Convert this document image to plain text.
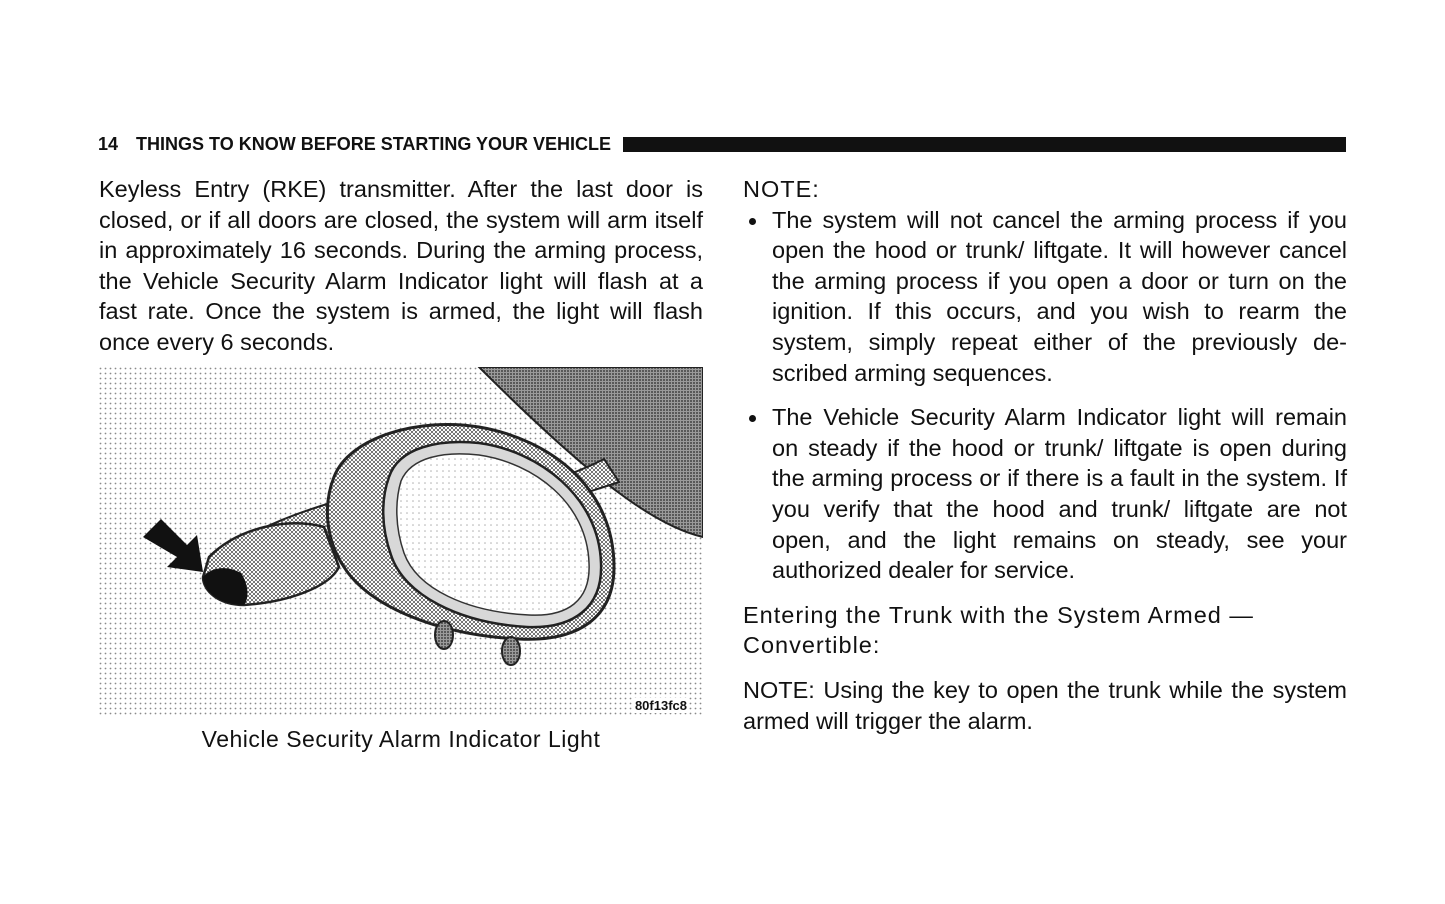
14 THINGS TO KNOW BEFORE STARTING YOUR VEHICLE

Keyless Entry (RKE) transmitter. After the last door is closed, or if all doors are closed, the system will arm itself in approximately 16 seconds. During the arming process, the Vehicle Security Alarm Indicator light will flash at a fast rate. Once the system is armed, the light will flash once every 6 seconds.

80f13fc8
Vehicle Security Alarm Indicator Light
NOTE:
The system will not cancel the arming process if you open the hood or trunk/ liftgate. It will however cancel the arming process if you open a door or turn on the ignition. If this occurs, and you wish to rearm the system, simply repeat either of the previously de-scribed arming sequences.
The Vehicle Security Alarm Indicator light will remain on steady if the hood or trunk/ liftgate is open during the arming process or if there is a fault in the system. If you verify that the hood and trunk/ liftgate are not open, and the light remains on steady, see your authorized dealer for service.
Entering the Trunk with the System Armed — Convertible:

NOTE: Using the key to open the trunk while the system armed will trigger the alarm.
